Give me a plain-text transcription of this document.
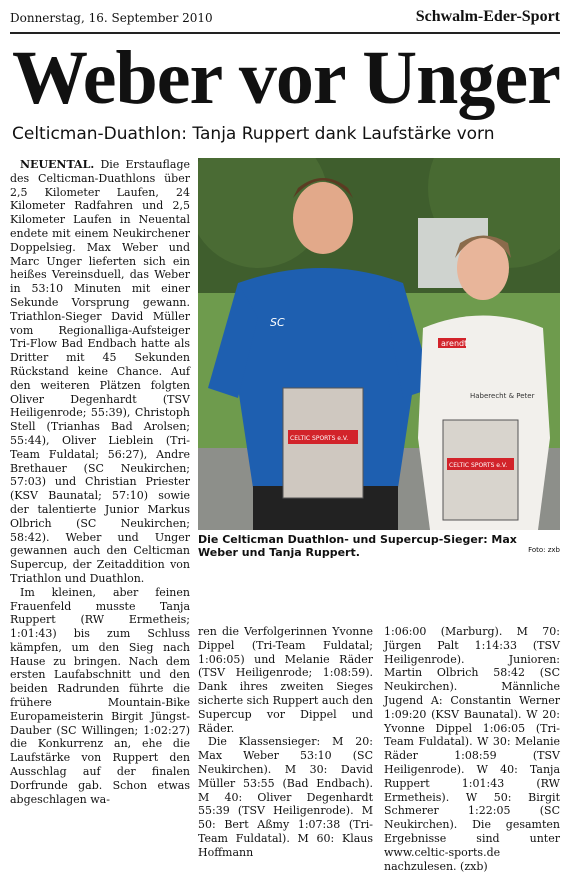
Donnerstag, 16. September 2010	Schwalm-Eder-Sport
Weber vor Unger
Celticman-Duathlon: Tanja Ruppert dank Laufstärke vorn

NEUENTAL. Die Erstauflage des Celticman-Duathlons über 2,5 Kilometer Laufen, 24 Kilometer Radfahren und 2,5 Kilometer Laufen in Neuental endete mit einem Neukirchener Doppelsieg. Max Weber und Marc Unger lieferten sich ein heißes Vereinsduell, das Weber in 53:10 Minuten mit einer Sekunde Vorsprung gewann. Triathlon-Sieger David Müller vom Regionalliga-Aufsteiger Tri-Flow Bad Endbach hatte als Dritter mit 45 Sekunden Rückstand keine Chance. Auf den weiteren Plätzen folgten Oliver Degenhardt (TSV Heiligenrode; 55:39), Christoph Stell (Trianhas Bad Arolsen; 55:44), Oliver Lieblein (Tri-Team Fuldatal; 56:27), Andre Brethauer (SC Neukirchen; 57:03) und Christian Priester (KSV Baunatal; 57:10) sowie der talentierte Junior Markus Olbrich (SC Neukirchen; 58:42). Weber und Unger gewannen auch den Celticman Supercup, der Zeitaddition von Triathlon und Duathlon.

Im kleinen, aber feinen Frauenfeld musste Tanja Ruppert (RW Ermetheis; 1:01:43) bis zum Schluss kämpfen, um den Sieg nach Hause zu bringen. Nach dem ersten Laufabschnitt und den beiden Radrunden führte die frühere Mountain-Bike Europameisterin Birgit Jüngst-Dauber (SC Willingen; 1:02:27) die Konkurrenz an, ehe die Laufstärke von Ruppert den Ausschlag auf der finalen Dorfrunde gab. Schon etwas abgeschlagen wa-

SC
arendt
Haberecht & Peter
CELTIC SPORTS e.V.
CELTIC SPORTS e.V.
Die Celticman Duathlon- und Supercup-Sieger: Max Weber und Tanja Ruppert.	Foto: zxb

ren die Verfolgerinnen Yvonne Dippel (Tri-Team Fuldatal; 1:06:05) und Melanie Räder (TSV Heiligenrode; 1:08:59). Dank ihres zweiten Sieges sicherte sich Ruppert auch den Supercup vor Dippel und Räder.

Die Klassensieger: M 20: Max Weber 53:10 (SC Neukirchen). M 30: David Müller 53:55 (Bad Endbach). M 40: Oliver Degenhardt 55:39 (TSV Heiligenrode). M 50: Bert Aßmy 1:07:38 (Tri-Team Fuldatal). M 60: Klaus Hoffmann

1:06:00 (Marburg). M 70: Jürgen Palt 1:14:33 (TSV Heiligenrode). Junioren: Martin Olbrich 58:42 (SC Neukirchen). Männliche Jugend A: Constantin Werner 1:09:20 (KSV Baunatal). W 20: Yvonne Dippel 1:06:05 (Tri-Team Fuldatal). W 30: Melanie Räder 1:08:59 (TSV Heiligenrode). W 40: Tanja Ruppert 1:01:43 (RW Ermetheis). W 50: Birgit Schmerer 1:22:05 (SC Neukirchen). Die gesamten Ergebnisse sind unter www.celtic-sports.de nachzulesen. (zxb)
